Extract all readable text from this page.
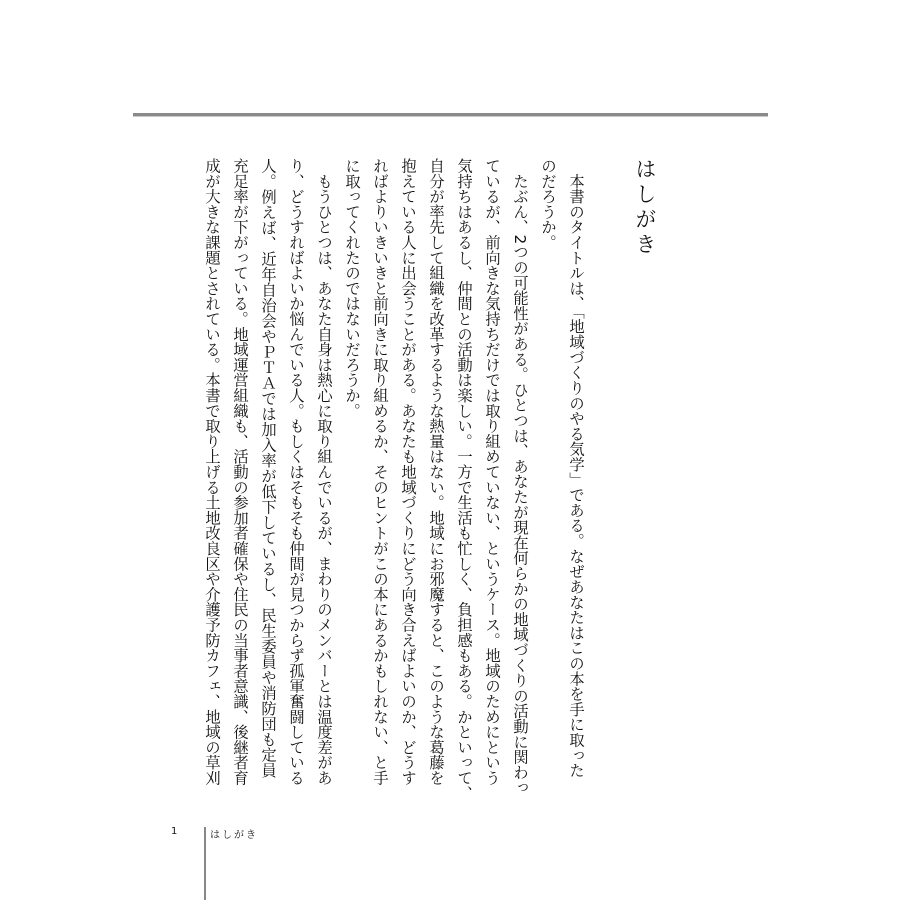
はしがき
　本書のタイトルは、「地域づくりのやる気学」である。なぜあなたはこの本を手に取った
のだろうか。
　たぶん、2つの可能性がある。ひとつは、あなたが現在何らかの地域づくりの活動に関わっ
ているが、前向きな気持ちだけでは取り組めていない、というケース。地域のためにという
気持ちはあるし、仲間との活動は楽しい。一方で生活も忙しく、負担感もある。かといって、
自分が率先して組織を改革するような熱量はない。地域にお邪魔すると、このような葛藤を
抱えている人に出会うことがある。あなたも地域づくりにどう向き合えばよいのか、どうす
ればよりいきいきと前向きに取り組めるか、そのヒントがこの本にあるかもしれない、と手
に取ってくれたのではないだろうか。
　もうひとつは、あなた自身は熱心に取り組んでいるが、まわりのメンバーとは温度差があ
り、どうすればよいか悩んでいる人。もしくはそもそも仲間が見つからず孤軍奮闘している
人。例えば、近年自治会やＰＴＡでは加入率が低下しているし、民生委員や消防団も定員
充足率が下がっている。地域運営組織も、活動の参加者確保や住民の当事者意識、後継者育
成が大きな課題とされている。本書で取り上げる土地改良区や介護予防カフェ、地域の草刈
1	はしがき
